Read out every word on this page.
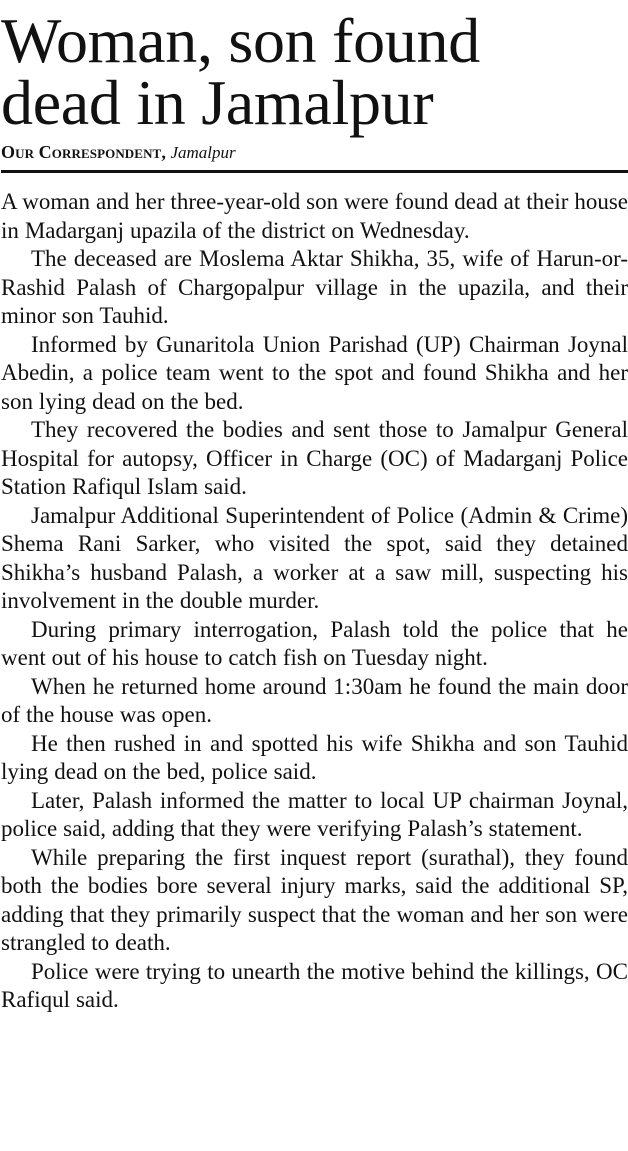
Woman, son found
dead in Jamalpur
Our Correspondent, Jamalpur

A woman and her three-year-old son were found dead at their house in Madarganj upazila of the district on Wednesday.

The deceased are Moslema Aktar Shikha, 35, wife of Harun-or-Rashid Palash of Chargopalpur village in the upazila, and their minor son Tauhid.

Informed by Gunaritola Union Parishad (UP) Chairman Joynal Abedin, a police team went to the spot and found Shikha and her son lying dead on the bed.

They recovered the bodies and sent those to Jamalpur General Hospital for autopsy, Officer in Charge (OC) of Madarganj Police Station Rafiqul Islam said.

Jamalpur Additional Superintendent of Police (Admin & Crime) Shema Rani Sarker, who visited the spot, said they detained Shikha’s husband Palash, a worker at a saw mill, suspecting his involvement in the double murder.

During primary interrogation, Palash told the police that he went out of his house to catch fish on Tuesday night.

When he returned home around 1:30am he found the main door of the house was open.

He then rushed in and spotted his wife Shikha and son Tauhid lying dead on the bed, police said.

Later, Palash informed the matter to local UP chairman Joynal, police said, adding that they were verifying Palash’s statement.

While preparing the first inquest report (surathal), they found both the bodies bore several injury marks, said the additional SP, adding that they primarily suspect that the woman and her son were strangled to death.

Police were trying to unearth the motive behind the killings, OC Rafiqul said.
